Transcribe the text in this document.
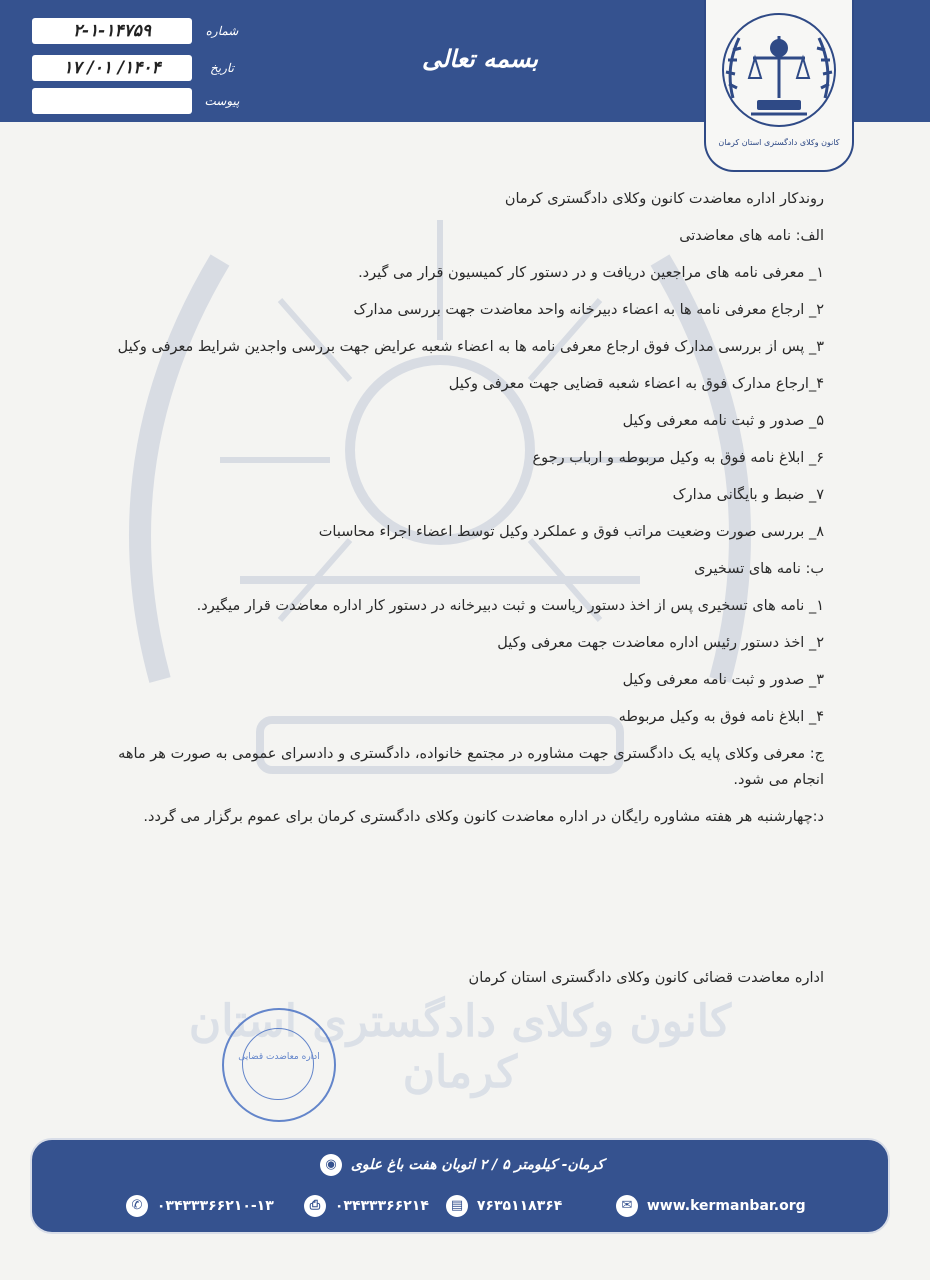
۲-۱-۱۴۷۵۹	شماره
۱۴۰۴/ ۰۱/ ۱۷	تاریخ
پیوست
بسمه تعالی
کانون وکلای دادگستری استان کرمان

روندکار اداره معاضدت کانون وکلای دادگستری کرمان

الف: نامه های معاضدتی

۱_ معرفی نامه های مراجعین دریافت و در دستور کار کمیسیون قرار می گیرد.

۲_ ارجاع معرفی نامه ها به اعضاء دبیرخانه واحد معاضدت جهت بررسی مدارک

۳_ پس از بررسی مدارک فوق ارجاع معرفی نامه ها به اعضاء شعبه عرایض جهت بررسی واجدین شرایط معرفی وکیل

۴_ارجاع مدارک فوق به اعضاء شعبه قضایی جهت معرفی وکیل

۵_ صدور و ثبت نامه معرفی وکیل

۶_ ابلاغ نامه فوق به وکیل مربوطه و ارباب رجوع

۷_ ضبط و بایگانی مدارک

۸_ بررسی صورت وضعیت مراتب فوق و عملکرد وکیل توسط اعضاء اجراء محاسبات

ب: نامه های تسخیری

۱_ نامه های تسخیری پس از اخذ دستور ریاست و ثبت دبیرخانه در دستور کار اداره معاضدت قرار میگیرد.

۲_ اخذ دستور رئیس اداره معاضدت جهت معرفی وکیل

۳_ صدور و ثبت نامه معرفی وکیل

۴_ ابلاغ نامه فوق به وکیل مربوطه

ج: معرفی وکلای پایه یک دادگستری جهت مشاوره در مجتمع خانواده، دادگستری و دادسرای عمومی به صورت هر ماهه انجام می شود.

د:چهارشنبه هر هفته مشاوره رایگان در اداره معاضدت کانون وکلای دادگستری کرمان برای عموم برگزار می گردد.

اداره معاضدت قضائی کانون وکلای دادگستری استان کرمان
کانون وکلای دادگستری استان کرمان
اداره معاضدت قضایی
کرمان- کیلومتر ۵ / ۲ اتوبان هفت باغ علوی ◉
✉ www.kermanbar.org
▤ ۷۶۳۵۱۱۸۳۶۴
⎙ ۰۳۴۳۳۳۶۶۲۱۴
✆ ۰۳۴۳۳۳۶۶۲۱۰-۱۳
